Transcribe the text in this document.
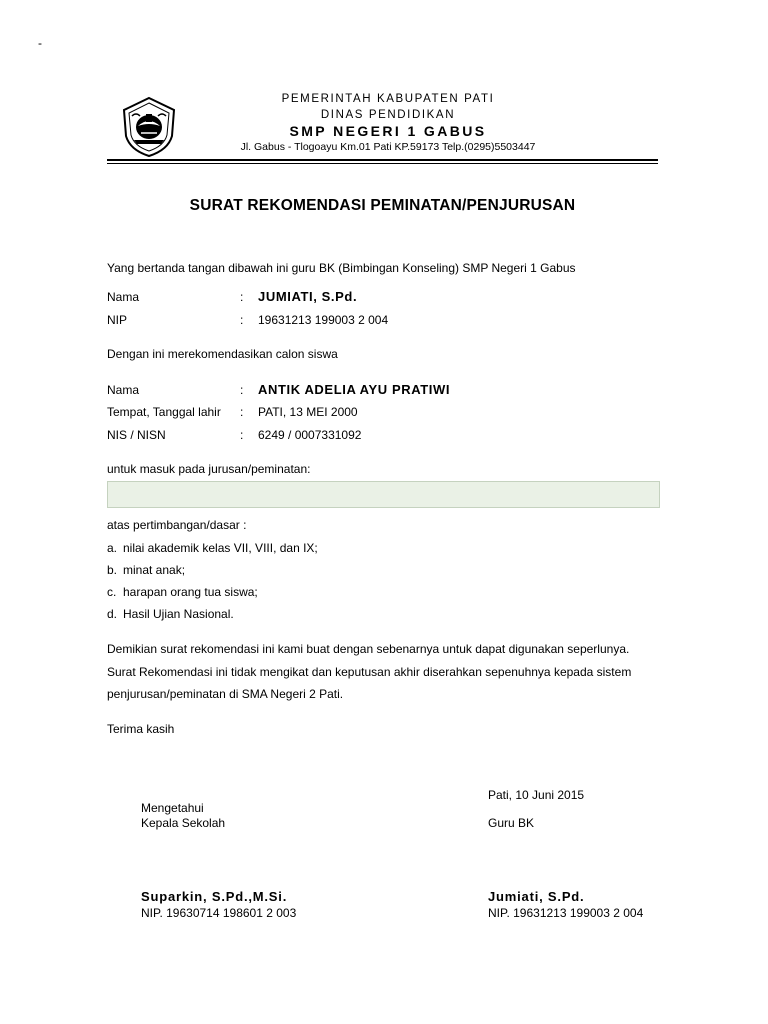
-
PEMERINTAH KABUPATEN PATI
DINAS PENDIDIKAN
SMP NEGERI 1 GABUS
Jl. Gabus - Tlogoayu Km.01 Pati KP.59173 Telp.(0295)5503447
SURAT REKOMENDASI PEMINATAN/PENJURUSAN
Yang bertanda tangan dibawah ini guru BK (Bimbingan Konseling) SMP Negeri 1 Gabus
Nama	: JUMIATI, S.Pd.
NIP	: 19631213 199003 2 004
Dengan ini merekomendasikan calon siswa
Nama	: ANTIK ADELIA AYU PRATIWI
Tempat, Tanggal lahir : PATI, 13 MEI 2000
NIS / NISN	: 6249 / 0007331092
untuk masuk pada jurusan/peminatan:
atas pertimbangan/dasar :
a. nilai akademik kelas VII, VIII, dan IX;
b. minat anak;
c. harapan orang tua siswa;
d. Hasil Ujian Nasional.
Demikian surat rekomendasi ini kami buat dengan sebenarnya untuk dapat digunakan seperlunya.
Surat Rekomendasi ini tidak mengikat dan keputusan akhir diserahkan sepenuhnya kepada sistem
penjurusan/peminatan di SMA Negeri 2 Pati.
Terima kasih
Pati, 10 Juni 2015
Mengetahui
Kepala Sekolah	Guru BK
Suparkin, S.Pd.,M.Si.
NIP. 19630714 198601 2 003
Jumiati, S.Pd.
NIP. 19631213 199003 2 004
